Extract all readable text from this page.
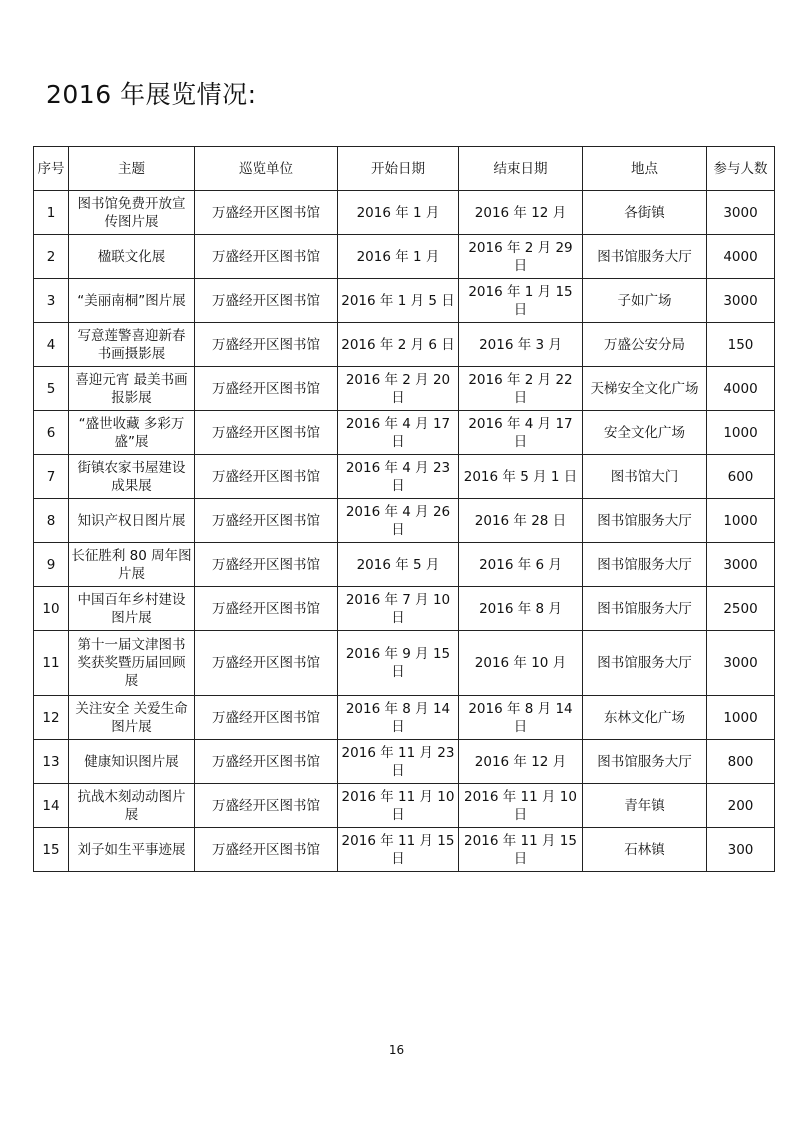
2016 年展览情况:
序号	主题	巡览单位	开始日期	结束日期	地点	参与人数
1	图书馆免费开放宣传图片展	万盛经开区图书馆	2016 年 1 月	2016 年 12 月	各街镇	3000
2	楹联文化展	万盛经开区图书馆	2016 年 1 月	2016 年 2 月 29 日	图书馆服务大厅	4000
3	“美丽南桐”图片展	万盛经开区图书馆	2016 年 1 月 5 日	2016 年 1 月 15 日	子如广场	3000
4	写意莲警喜迎新春书画摄影展	万盛经开区图书馆	2016 年 2 月 6 日	2016 年 3 月	万盛公安分局	150
5	喜迎元宵 最美书画报影展	万盛经开区图书馆	2016 年 2 月 20 日	2016 年 2 月 22 日	天梯安全文化广场	4000
6	“盛世收藏 多彩万盛”展	万盛经开区图书馆	2016 年 4 月 17 日	2016 年 4 月 17 日	安全文化广场	1000
7	街镇农家书屋建设成果展	万盛经开区图书馆	2016 年 4 月 23 日	2016 年 5 月 1 日	图书馆大门	600
8	知识产权日图片展	万盛经开区图书馆	2016 年 4 月 26 日	2016 年 28 日	图书馆服务大厅	1000
9	长征胜利 80 周年图片展	万盛经开区图书馆	2016 年 5 月	2016 年 6 月	图书馆服务大厅	3000
10	中国百年乡村建设图片展	万盛经开区图书馆	2016 年 7 月 10 日	2016 年 8 月	图书馆服务大厅	2500
11	第十一届文津图书奖获奖暨历届回顾展	万盛经开区图书馆	2016 年 9 月 15 日	2016 年 10 月	图书馆服务大厅	3000
12	关注安全 关爱生命图片展	万盛经开区图书馆	2016 年 8 月 14 日	2016 年 8 月 14 日	东林文化广场	1000
13	健康知识图片展	万盛经开区图书馆	2016 年 11 月 23 日	2016 年 12 月	图书馆服务大厅	800
14	抗战木刻动动图片展	万盛经开区图书馆	2016 年 11 月 10 日	2016 年 11 月 10 日	青年镇	200
15	刘子如生平事迹展	万盛经开区图书馆	2016 年 11 月 15 日	2016 年 11 月 15 日	石林镇	300
16
